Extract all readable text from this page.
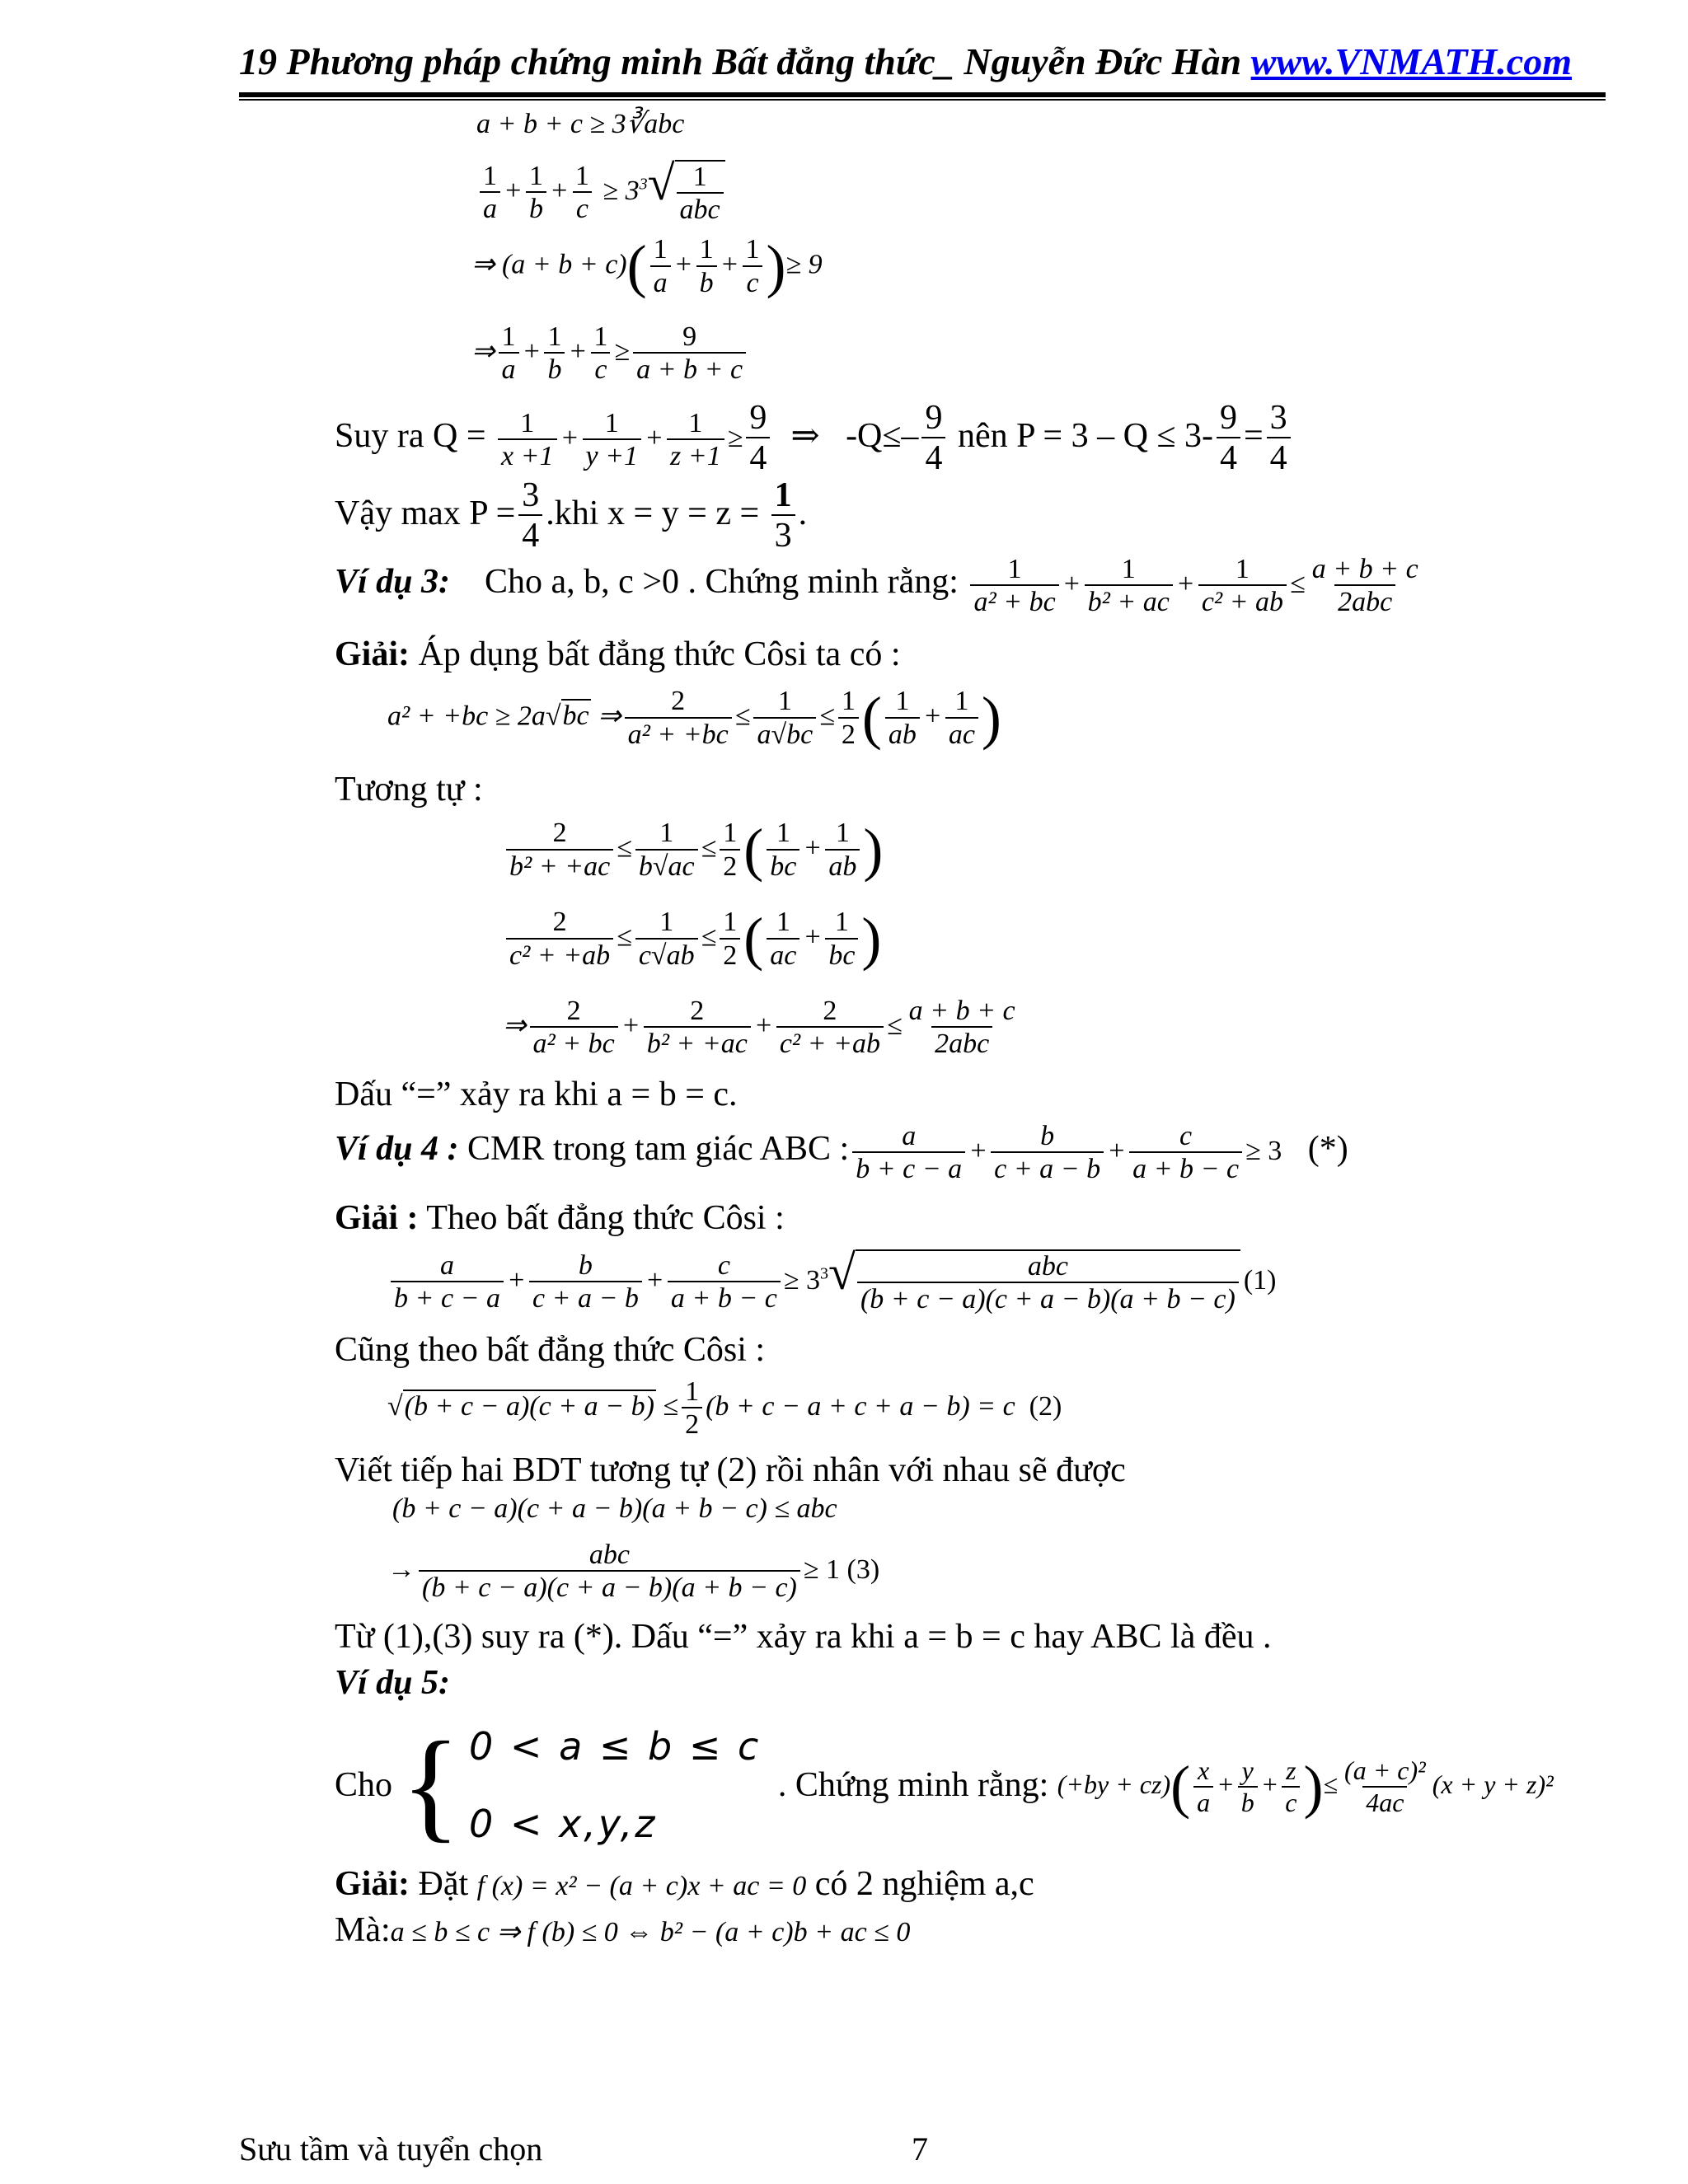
19 Phương pháp chứng minh Bất đẳng thức_ Nguyễn Đức Hàn www.VNMATH.com
a + b + c ≥ 3∛abc
$\frac{1}{a} + \frac{1}{b} + \frac{1}{c} \ge 3^3√ \frac{1}{\text{abc}}$
⇒ $(a + b + c)( \frac{1}{a} + \frac{1}{b} + \frac{1}{c}$ )≥ 9
⇒ $\frac{1}{a} + \frac{1}{b} + \frac{1}{c} \ge \frac{9}{a + b + c}$
Suy ra $Q = \frac{1}{x +1} + \frac{1}{y +1} + \frac{1}{z +1} \ge \frac{9}{4}$ ⇒   $-Q\le- \frac{9}{4}$ nên $P = 3 - Q \le 3- \frac{9}{4} = \frac{3}{4}$
Vậy $\max P = \frac{3}{4} .khi$ $x = y = z = \frac{1}{3}$ .
Ví dụ 3: Cho a, b, c >0 . Chứng minh rằng: $\frac{1}{\text{a² + bc}} + \frac{1}{\text{b² + ac}} + \frac{1}{\text{c² + ab}} \le \frac{a + b + c}{\text{2abc}}$
Giải: Áp dụng bất đẳng thức Côsi ta có :
a² + +bc ≥ 2a√bc ⇒ $\frac{2}{\text{a² + +bc}} \le \frac{1}{a√bc} \le \frac{1}{2}$ ( $\frac{1}{ab} + \frac{1}{ac}$ )
Tương tự :
$\frac{2}{\text{b² + +ac}} \le \frac{1}{b√ac} \le \frac{1}{2}$ ( $\frac{1}{bc} + \frac{1}{ab}$ )
$\frac{2}{\text{c² + +ab}} \le \frac{1}{c√ab} \le \frac{1}{2}$ ( $\frac{1}{ac} + \frac{1}{bc}$ )
⇒ $\frac{2}{\text{a² + bc}} + \frac{2}{\text{b² + +ac}} + \frac{2}{\text{c² + +ab}} \le \frac{a + b + c}{\text{2abc}}$
Dấu “=” xảy ra khi a = b = c.
Ví dụ 4 : CMR trong tam giác ABC : $\frac{a}{b + c - a} + \frac{b}{c + a - b} + \frac{c}{a + b - c} \ge 3$ (*)
Giải : Theo bất đẳng thức Côsi :
$\frac{a}{b + c - a} + \frac{b}{c + a - b} + \frac{c}{a + b - c} \ge 3^3√ \frac{\text{abc}}{(b + c - a)(c + a - b)(a + b - c)} (1)$
Cũng theo bất đẳng thức Côsi :
$√(b + c - a)(c + a - b) \le \frac{1}{2} (b + c - a + c + a - b) = c$  (2)
Viết tiếp hai BDT tương tự (2) rồi nhân với nhau sẽ được
(b + c − a)(c + a − b)(a + b − c) ≤ abc
→ $\frac{\text{abc}}{(b + c - a)(c + a - b)(a + b - c)} \ge 1$ (3)
Từ (1),(3) suy ra (*). Dấu “=” xảy ra khi a = b = c hay ABC là đều .
Ví dụ 5:
Cho { 0 < a ≤ b ≤ c
0 < x,y,z
. Chứng minh rằng: $(+by + cz)( \frac{x}{a} + \frac{y}{b} + \frac{z}{c}$ )≤ $\frac{\text{(a + c)²}}{4ac} (x + y + z)^2$
Giải: Đặt f (x) = x² − (a + c)x + ac = 0 có 2 nghiệm a,c
Mà:a ≤ b ≤ c ⇒ f (b) ≤ 0 ⇔ b² − (a + c)b + ac ≤ 0
Sưu tầm và tuyển chọn	7
